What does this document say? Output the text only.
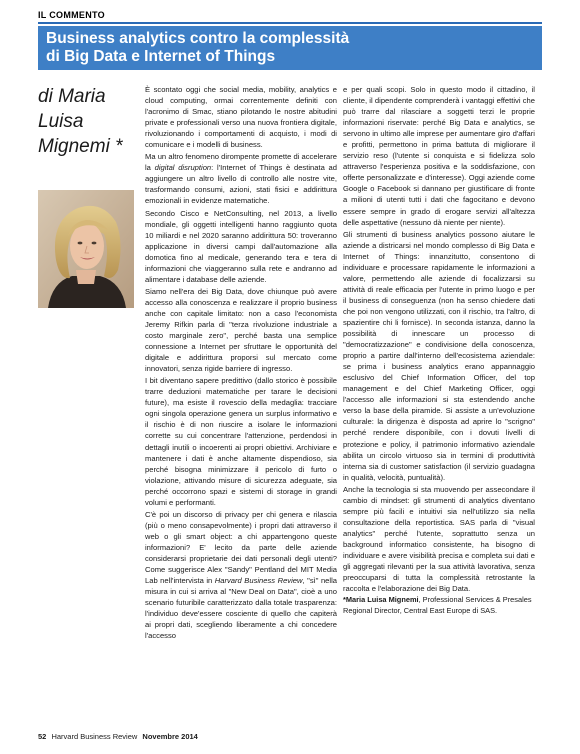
IL COMMENTO
Business analytics contro la complessità
di Big Data e Internet of Things
di Maria
Luisa
Mignemi *

È scontato oggi che social media, mobility, analytics e cloud computing, ormai correntemente definiti con l'acronimo di Smac, stiano pilotando le nostre abitudini private e professionali verso una nuova frontiera digitale, rivoluzionando i comportamenti di acquisto, i modi di comunicare e i modelli di business.

Ma un altro fenomeno dirompente promette di accelerare la digital disruption: l'Internet of Things è destinata ad aggiungere un altro livello di controllo alle nostre vite, trasformando consumi, azioni, stati fisici e addirittura emozionali in evidenze matematiche.

Secondo Cisco e NetConsulting, nel 2013, a livello mondiale, gli oggetti intelligenti hanno raggiunto quota 10 miliardi e nel 2020 saranno addirittura 50: troveranno applicazione in diversi campi dall'automazione alla domotica fino al medicale, generando tera e tera di informazioni che viaggeranno sulla rete e andranno ad alimentare i database delle aziende.

Siamo nell'era dei Big Data, dove chiunque può avere accesso alla conoscenza e realizzare il proprio business anche con capitale limitato: non a caso l'economista Jeremy Rifkin parla di "terza rivoluzione industriale a costo marginale zero", perché basta una semplice connessione a Internet per sfruttare le opportunità del digitale e addirittura proporsi sul mercato come innovatori, senza rigide barriere di ingresso.

I bit diventano sapere predittivo (dallo storico è possibile trarre deduzioni matematiche per tarare le decisioni future), ma esiste il rovescio della medaglia: tracciare ogni singola operazione genera un surplus informativo e il rischio è di non riuscire a isolare le informazioni corrette su cui concentrare l'attenzione, perdendosi in dettagli inutili o incoerenti ai propri obiettivi. Archiviare e mantenere i dati è anche altamente dispendioso, sia perché bisogna minimizzare il pericolo di furto o violazione, attivando misure di sicurezza adeguate, sia perché occorrono spazi e sistemi di storage in grandi volumi e performanti.

C'è poi un discorso di privacy per chi genera e rilascia (più o meno consapevolmente) i propri dati attraverso il web o gli smart object: a chi appartengono queste informazioni? E' lecito da parte delle aziende considerarsi proprietarie dei dati personali degli utenti? Come suggerisce Alex "Sandy" Pentland del MIT Media Lab nell'intervista in Harvard Business Review, "sì" nella misura in cui si arriva al "New Deal on Data", cioè a uno scenario futuribile caratterizzato dalla totale trasparenza: l'individuo deve'essere cosciente di quello che capiterà ai propri dati, scegliendo liberamente a chi concedere l'accesso

e per quali scopi. Solo in questo modo il cittadino, il cliente, il dipendente comprenderà i vantaggi effettivi che può trarre dal rilasciare a soggetti terzi le proprie informazioni riservate: perché Big Data e analytics, se servono in ultimo alle imprese per aumentare giro d'affari e profitti, permettono in prima battuta di migliorare il servizio reso (l'utente si conquista e si fidelizza solo attraverso l'esperienza positiva e la soddisfazione, con offerte personalizzate e d'interesse). Oggi aziende come Google o Facebook si dannano per giustificare di fronte a milioni di utenti tutti i dati che fagocitano e devono essere sempre in grado di erogare servizi all'altezza delle aspettative (nessuno dà niente per niente).

Gli strumenti di business analytics possono aiutare le aziende a districarsi nel mondo complesso di Big Data e Internet of Things: innanzitutto, consentono di individuare e processare rapidamente le informazioni a valore, permettendo alle aziende di focalizzarsi su attività di reale efficacia per l'utente in primo luogo e per il business di conseguenza (non ha senso chiedere dati che poi non vengono utilizzati, con il rischio, tra l'altro, di spazientire chi li fornisce). In seconda istanza, danno la possibilità di innescare un processo di "democratizzazione" e condivisione della conoscenza, proprio a partire dall'interno dell'ecosistema aziendale: se prima i business analytics erano appannaggio esclusivo del Chief Information Officer, del top management e del Chief Marketing Officer, oggi l'accesso alle informazioni si sta estendendo anche verso la base della piramide. Si assiste a un'evoluzione culturale: la dirigenza è disposta ad aprire lo "scrigno" perché rendere disponibile, con i dovuti livelli di protezione e policy, il patrimonio informativo aziendale abilita un circolo virtuoso sia in termini di produttività interna sia di customer satisfaction (il servizio guadagna in qualità, velocità, puntualità).

Anche la tecnologia si sta muovendo per assecondare il cambio di mindset: gli strumenti di analytics diventano sempre più facili e intuitivi sia nell'utilizzo sia nella consultazione della reportistica. SAS parla di "visual analytics" perché l'utente, soprattutto senza un background informatico consistente, ha bisogno di individuare e avere visibilità precisa e completa sui dati e gli aggregati rilevanti per la sua attività lavorativa, senza preoccuparsi di tutta la complessità retrostante la raccolta e l'elaborazione dei Big Data.

*Maria Luisa Mignemi, Professional Services & Presales Regional Director, Central East Europe di SAS.

52 Harvard Business Review Novembre 2014
